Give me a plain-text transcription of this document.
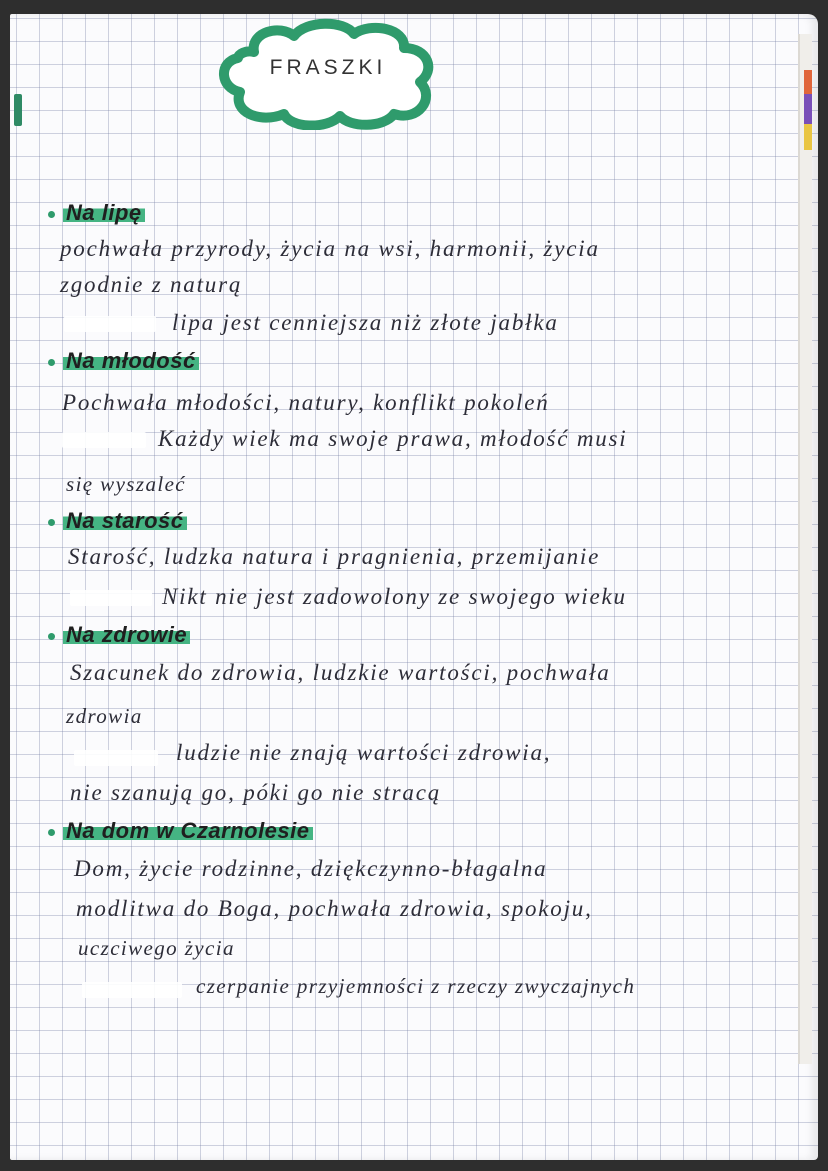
FRASZKI
Na lipę
pochwała przyrody, życia na wsi, harmonii, życia
zgodnie z naturą
lipa jest cenniejsza niż złote jabłka
Na młodość
Pochwała młodości, natury, konflikt pokoleń
Każdy wiek ma swoje prawa, młodość musi
się wyszaleć
Na starość
Starość, ludzka natura i pragnienia, przemijanie
Nikt nie jest zadowolony ze swojego wieku
Na zdrowie
Szacunek do zdrowia, ludzkie wartości, pochwała
zdrowia
ludzie nie znają wartości zdrowia,
nie szanują go, póki go nie stracą
Na dom w Czarnolesie
Dom, życie rodzinne, dziękczynno-błagalna
modlitwa do Boga, pochwała zdrowia, spokoju,
uczciwego życia
czerpanie przyjemności z rzeczy zwyczajnych
